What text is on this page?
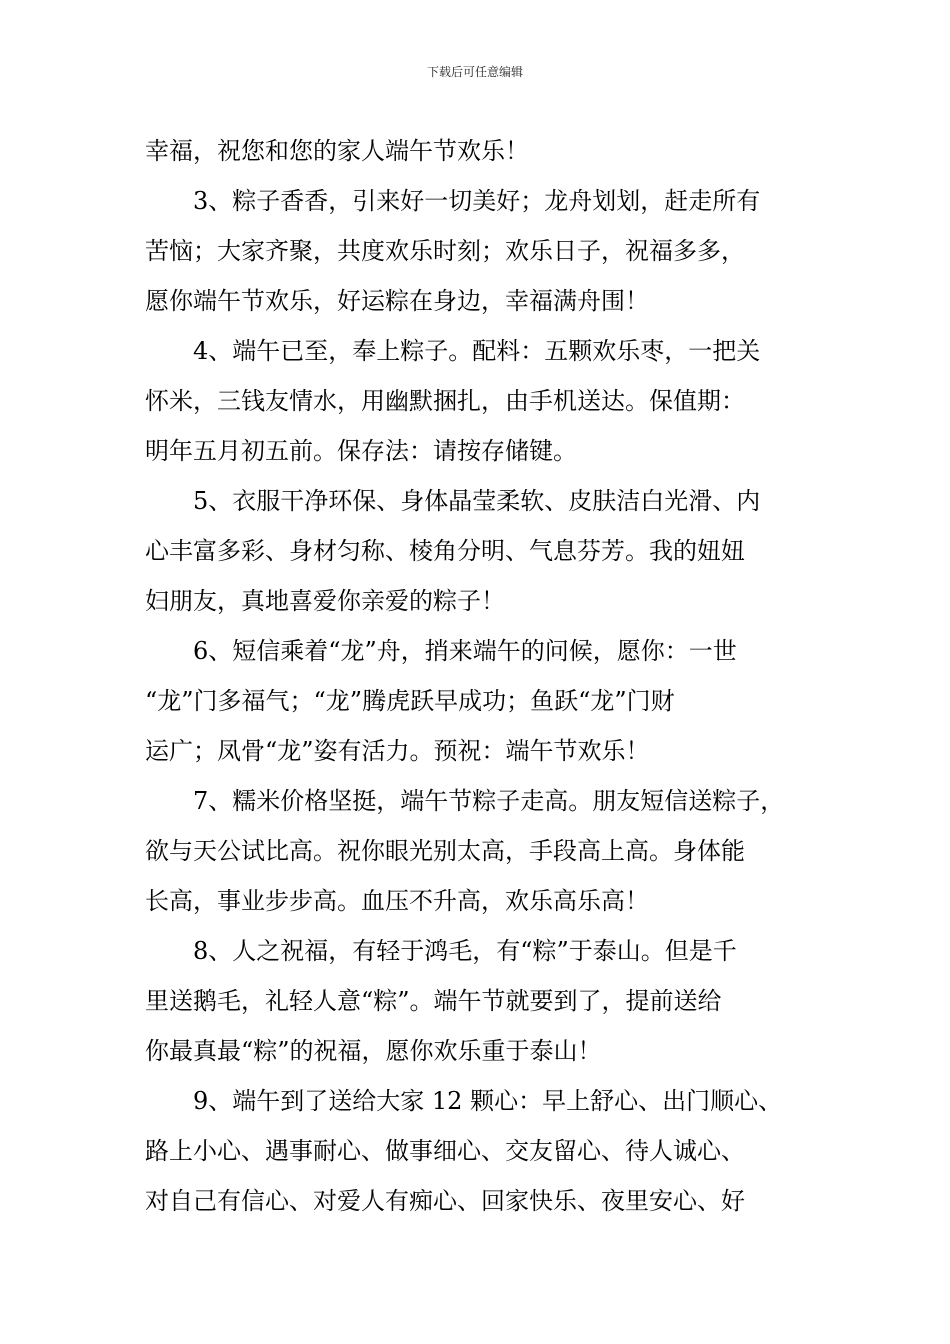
下载后可任意编辑
幸福，祝您和您的家人端午节欢乐！
3、粽子香香，引来好一切美好；龙舟划划，赶走所有
苦恼；大家齐聚，共度欢乐时刻；欢乐日子，祝福多多，
愿你端午节欢乐，好运粽在身边，幸福满舟围！
4、端午已至，奉上粽子。配料：五颗欢乐枣，一把关
怀米，三钱友情水，用幽默捆扎，由手机送达。保值期：
明年五月初五前。保存法：请按存储键。
5、衣服干净环保、身体晶莹柔软、皮肤洁白光滑、内
心丰富多彩、身材匀称、棱角分明、气息芬芳。我的妞妞
妇朋友，真地喜爱你亲爱的粽子！
6、短信乘着“龙”舟，捎来端午的问候，愿你：一世
“龙”门多福气；“龙”腾虎跃早成功；鱼跃“龙”门财
运广；凤骨“龙”姿有活力。预祝：端午节欢乐！
7、糯米价格坚挺，端午节粽子走高。朋友短信送粽子，
欲与天公试比高。祝你眼光别太高，手段高上高。身体能
长高，事业步步高。血压不升高，欢乐高乐高！
8、人之祝福，有轻于鸿毛，有“粽”于泰山。但是千
里送鹅毛，礼轻人意“粽”。端午节就要到了，提前送给
你最真最“粽”的祝福，愿你欢乐重于泰山！
9、端午到了送给大家 12 颗心：早上舒心、出门顺心、
路上小心、遇事耐心、做事细心、交友留心、待人诚心、
对自己有信心、对爱人有痴心、回家快乐、夜里安心、好
